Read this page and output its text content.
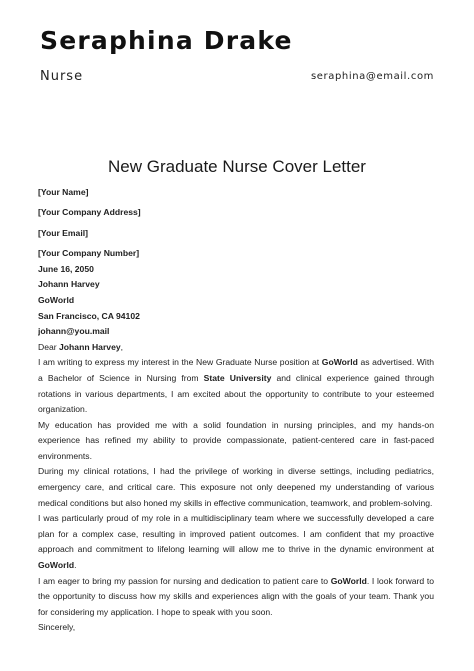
Seraphina Drake
Nurse	seraphina@email.com
New Graduate Nurse Cover Letter
[Your Name]
[Your Company Address]
[Your Email]
[Your Company Number]
June 16, 2050
Johann Harvey
GoWorld
San Francisco, CA 94102
johann@you.mail
Dear Johann Harvey,
I am writing to express my interest in the New Graduate Nurse position at GoWorld as advertised. With a Bachelor of Science in Nursing from State University and clinical experience gained through rotations in various departments, I am excited about the opportunity to contribute to your esteemed organization.
My education has provided me with a solid foundation in nursing principles, and my hands-on experience has refined my ability to provide compassionate, patient-centered care in fast-paced environments.
During my clinical rotations, I had the privilege of working in diverse settings, including pediatrics, emergency care, and critical care. This exposure not only deepened my understanding of various medical conditions but also honed my skills in effective communication, teamwork, and problem-solving.
I was particularly proud of my role in a multidisciplinary team where we successfully developed a care plan for a complex case, resulting in improved patient outcomes. I am confident that my proactive approach and commitment to lifelong learning will allow me to thrive in the dynamic environment at GoWorld.
I am eager to bring my passion for nursing and dedication to patient care to GoWorld. I look forward to the opportunity to discuss how my skills and experiences align with the goals of your team. Thank you for considering my application. I hope to speak with you soon.
Sincerely,
